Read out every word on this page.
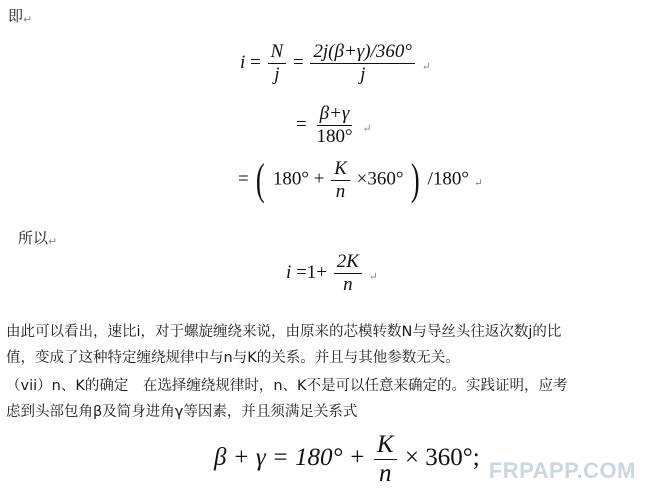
即↵
$i = \frac{N}{j} = \frac{2j(\beta+\gamma)/360^\circ}{j}$ ↵
= $\frac{\beta+\gamma}{180^\circ}$ ↵
= ( $180^\circ + \frac{K}{n} \times 360^\circ$ ) /180° ↵
所以↵
$i =1+ \frac{2K}{n}$ ↵
由此可以看出，速比i，对于螺旋缠绕来说，由原来的芯模转数N与导丝头往返次数j的比
值，变成了这种特定缠绕规律中与n与K的关系。并且与其他参数无关。
（vii）n、K的确定　在选择缠绕规律时，n、K不是可以任意来确定的。实践证明，应考
虑到头部包角β及简身进角γ等因素，并且须满足关系式
$\beta + \gamma = 180^\circ + \frac{K}{n} \times 360^\circ$; FRPAPP.COM
